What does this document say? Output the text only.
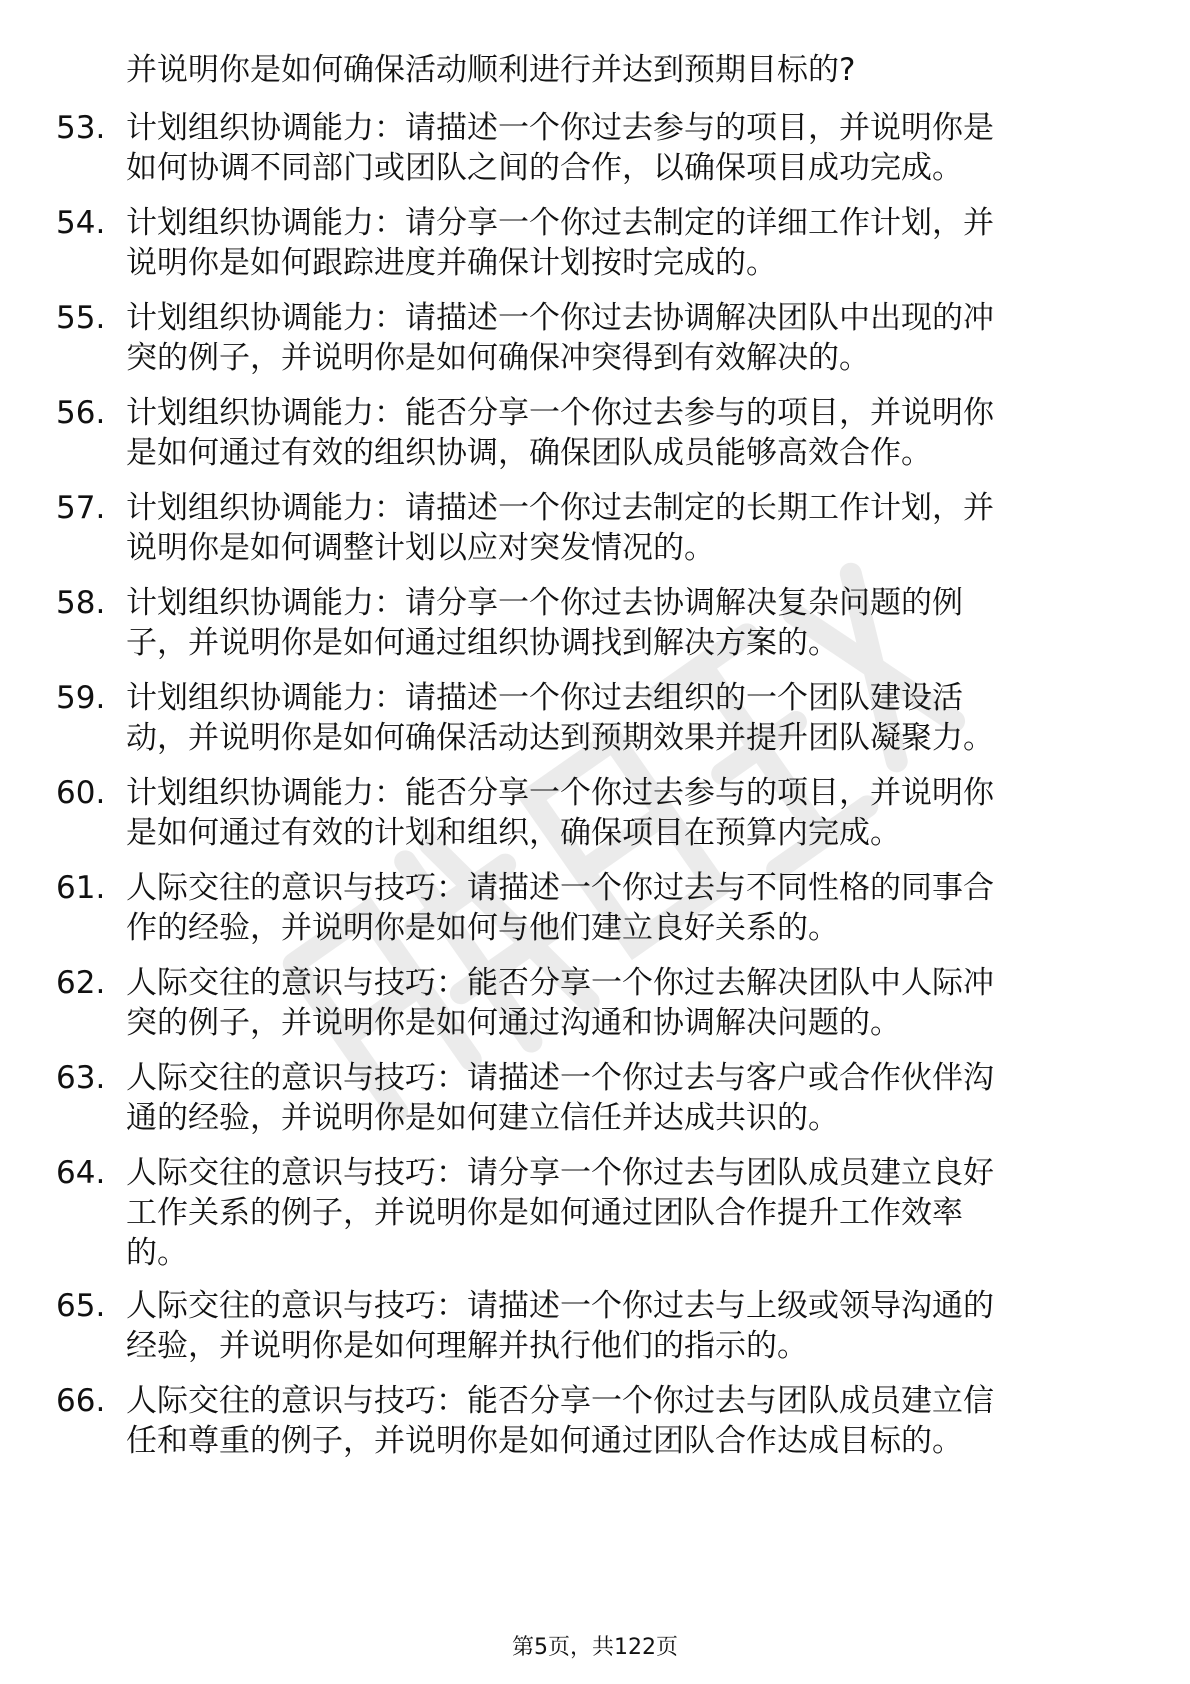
并说明你是如何确保活动顺利进行并达到预期目标的?
53. 计划组织协调能力：请描述一个你过去参与的项目，并说明你是
如何协调不同部门或团队之间的合作，以确保项目成功完成。
54. 计划组织协调能力：请分享一个你过去制定的详细工作计划，并
说明你是如何跟踪进度并确保计划按时完成的。
55. 计划组织协调能力：请描述一个你过去协调解决团队中出现的冲
突的例子，并说明你是如何确保冲突得到有效解决的。
56. 计划组织协调能力：能否分享一个你过去参与的项目，并说明你
是如何通过有效的组织协调，确保团队成员能够高效合作。
57. 计划组织协调能力：请描述一个你过去制定的长期工作计划，并
说明你是如何调整计划以应对突发情况的。
58. 计划组织协调能力：请分享一个你过去协调解决复杂问题的例
子，并说明你是如何通过组织协调找到解决方案的。
59. 计划组织协调能力：请描述一个你过去组织的一个团队建设活
动，并说明你是如何确保活动达到预期效果并提升团队凝聚力。
60. 计划组织协调能力：能否分享一个你过去参与的项目，并说明你
是如何通过有效的计划和组织，确保项目在预算内完成。
61. 人际交往的意识与技巧：请描述一个你过去与不同性格的同事合
作的经验，并说明你是如何与他们建立良好关系的。
62. 人际交往的意识与技巧：能否分享一个你过去解决团队中人际冲
突的例子，并说明你是如何通过沟通和协调解决问题的。
63. 人际交往的意识与技巧：请描述一个你过去与客户或合作伙伴沟
通的经验，并说明你是如何建立信任并达成共识的。
64. 人际交往的意识与技巧：请分享一个你过去与团队成员建立良好
工作关系的例子，并说明你是如何通过团队合作提升工作效率
的。
65. 人际交往的意识与技巧：请描述一个你过去与上级或领导沟通的
经验，并说明你是如何理解并执行他们的指示的。
66. 人际交往的意识与技巧：能否分享一个你过去与团队成员建立信
任和尊重的例子，并说明你是如何通过团队合作达成目标的。
第5页，共122页
